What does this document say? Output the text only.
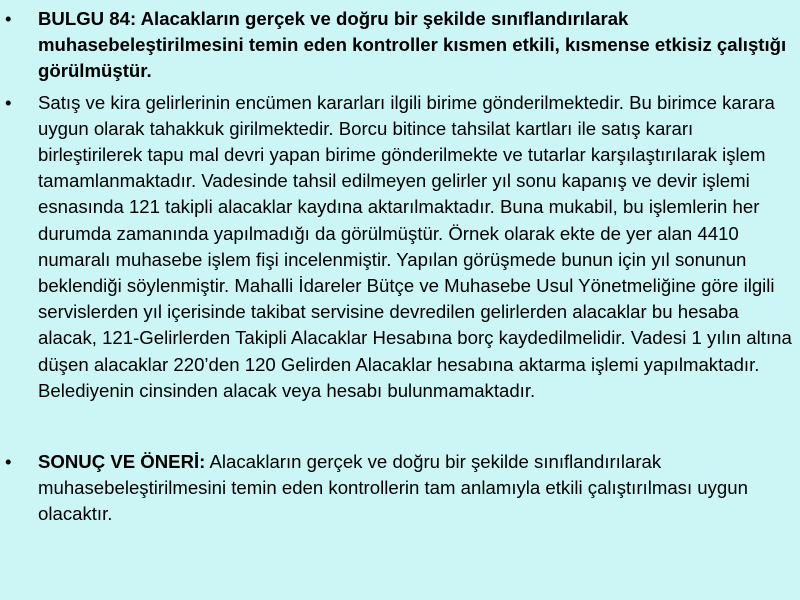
•	BULGU 84: Alacakların gerçek ve doğru bir şekilde sınıflandırılarak muhasebeleştirilmesini temin eden kontroller kısmen etkili, kısmense etkisiz çalıştığı görülmüştür.
•	Satış ve kira gelirlerinin encümen kararları ilgili birime gönderilmektedir. Bu birimce karara uygun olarak tahakkuk girilmektedir. Borcu bitince tahsilat kartları ile satış kararı birleştirilerek tapu mal devri yapan birime gönderilmekte ve tutarlar karşılaştırılarak işlem tamamlanmaktadır. Vadesinde tahsil edilmeyen gelirler yıl sonu kapanış ve devir işlemi esnasında 121 takipli alacaklar kaydına aktarılmaktadır. Buna mukabil, bu işlemlerin her durumda zamanında yapılmadığı da görülmüştür. Örnek olarak ekte de yer alan 4410 numaralı muhasebe işlem fişi incelenmiştir. Yapılan görüşmede bunun için yıl sonunun beklendiği söylenmiştir. Mahalli İdareler Bütçe ve Muhasebe Usul Yönetmeliğine göre ilgili servislerden yıl içerisinde takibat servisine devredilen gelirlerden alacaklar bu hesaba alacak, 121-Gelirlerden Takipli Alacaklar Hesabına borç kaydedilmelidir. Vadesi 1 yılın altına düşen alacaklar 220’den 120 Gelirden Alacaklar hesabına aktarma işlemi yapılmaktadır. Belediyenin cinsinden alacak veya hesabı bulunmamaktadır.
•	SONUÇ VE ÖNERİ: Alacakların gerçek ve doğru bir şekilde sınıflandırılarak muhasebeleştirilmesini temin eden kontrollerin tam anlamıyla etkili çalıştırılması uygun olacaktır.
